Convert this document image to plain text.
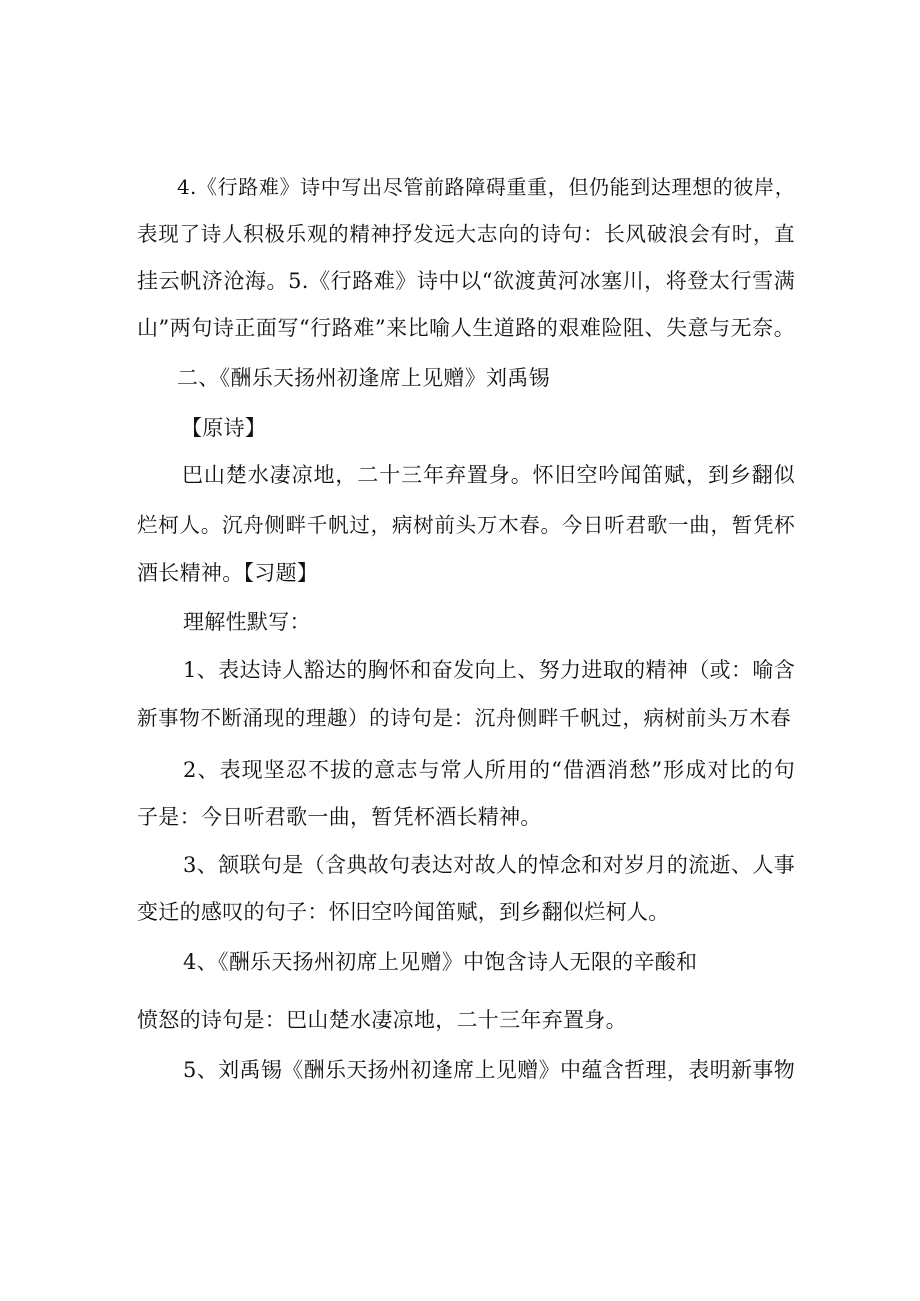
4.《行路难》诗中写出尽管前路障碍重重，但仍能到达理想的彼岸，

表现了诗人积极乐观的精神抒发远大志向的诗句：长风破浪会有时，直

挂云帆济沧海。5.《行路难》诗中以“欲渡黄河冰塞川，将登太行雪满

山”两句诗正面写“行路难”来比喻人生道路的艰难险阻、失意与无奈。

二、《酬乐天扬州初逢席上见赠》刘禹锡

【原诗】

巴山楚水凄凉地，二十三年弃置身。怀旧空吟闻笛赋，到乡翻似

烂柯人。沉舟侧畔千帆过，病树前头万木春。今日听君歌一曲，暂凭杯

酒长精神。【习题】

理解性默写：

1、表达诗人豁达的胸怀和奋发向上、努力进取的精神（或：喻含

新事物不断涌现的理趣）的诗句是：沉舟侧畔千帆过，病树前头万木春

2、表现坚忍不拔的意志与常人所用的“借酒消愁”形成对比的句

子是：今日听君歌一曲，暂凭杯酒长精神。

3、颔联句是（含典故句表达对故人的悼念和对岁月的流逝、人事

变迁的感叹的句子：怀旧空吟闻笛赋，到乡翻似烂柯人。

4、《酬乐天扬州初席上见赠》中饱含诗人无限的辛酸和

愤怒的诗句是：巴山楚水凄凉地，二十三年弃置身。

5、刘禹锡《酬乐天扬州初逢席上见赠》中蕴含哲理，表明新事物
